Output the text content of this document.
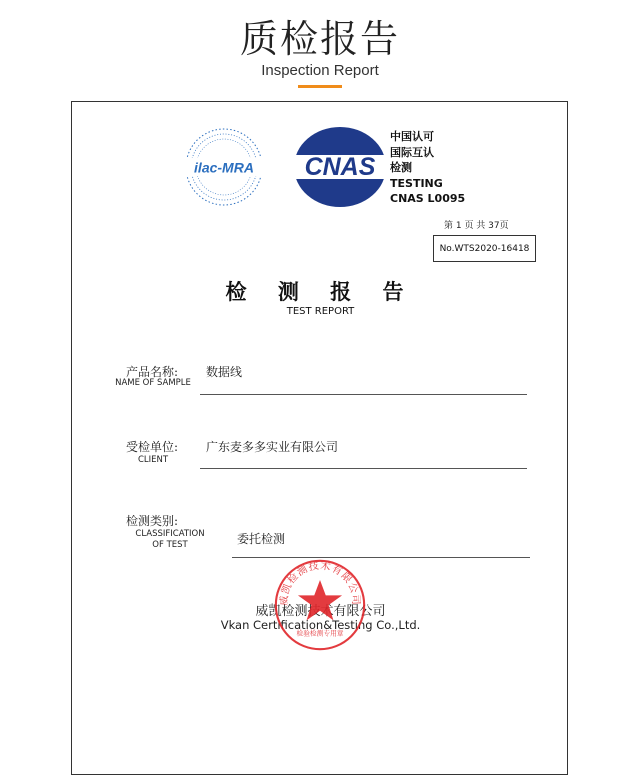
质检报告
Inspection Report
ilac-MRA CNAS
中国认可
国际互认
检测
TESTING
CNAS L0095
第 1 页 共 37页
No.WTS2020-16418
检 测 报 告
TEST REPORT
产品名称:
NAME OF SAMPLE
数据线
受检单位:
CLIENT
广东麦多多实业有限公司
检测类别:
CLASSIFICATION
OF TEST	委托检测
威凯检测技术有限公司
Vkan Certification&Testing Co.,Ltd.
威凯检测技术有限公司
检验检测专用章
